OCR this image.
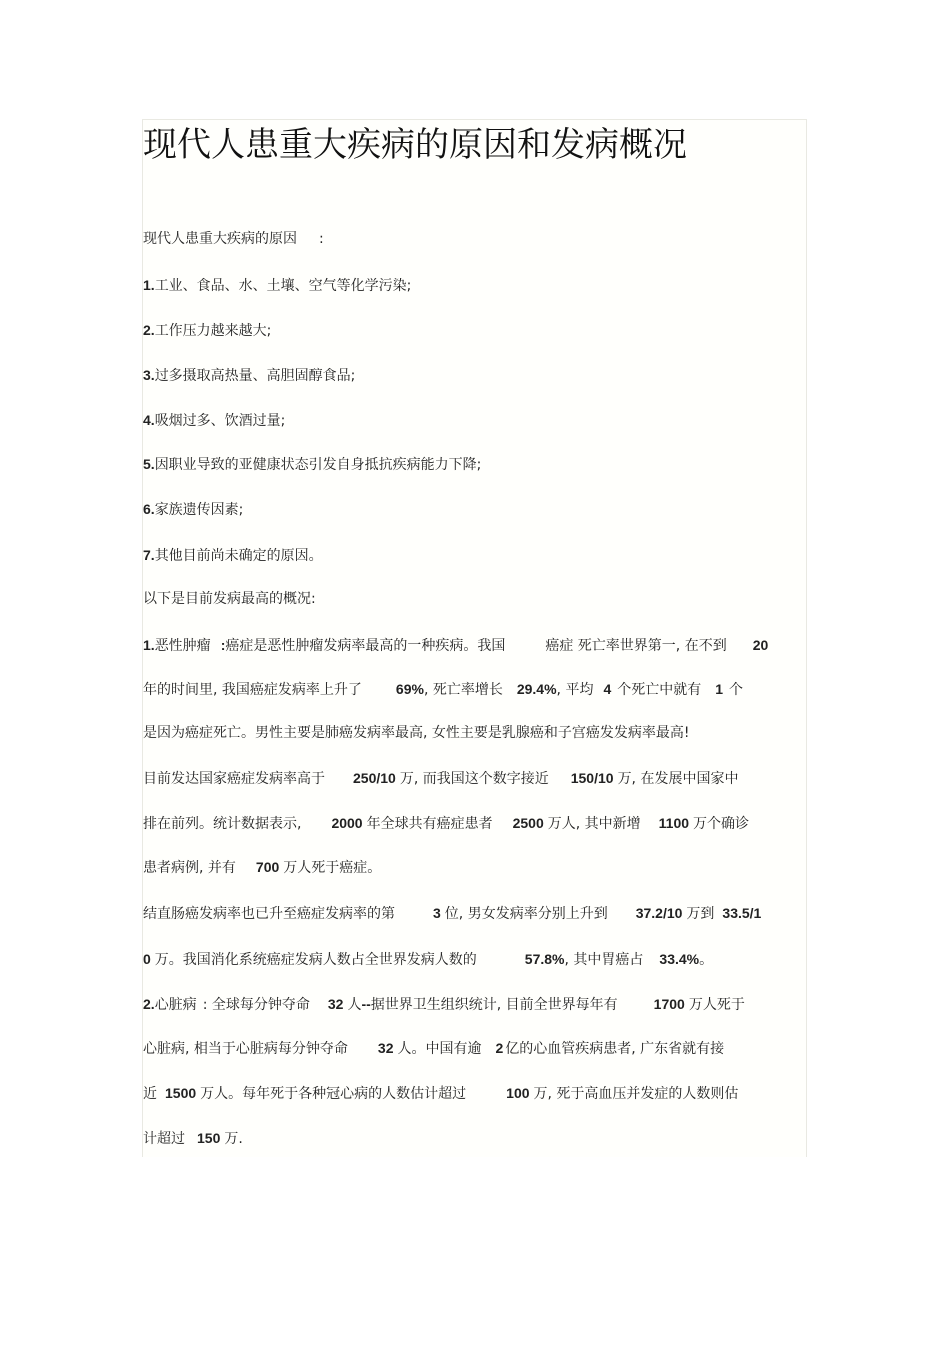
现代人患重大疾病的原因和发病概况
现代人患重大疾病的原因 :
1.工业、食品、水、土壤、空气等化学污染;
2.工作压力越来越大;
3.过多摄取高热量、高胆固醇食品;
4.吸烟过多、饮酒过量;
5.因职业导致的亚健康状态引发自身抵抗疾病能力下降;
6.家族遗传因素;
7.其他目前尚未确定的原因。
以下是目前发病最高的概况:
1.恶性肿瘤 :癌症是恶性肿瘤发病率最高的一种疾病。我国	癌症 死亡率世界第一, 在不到 20
年的时间里, 我国癌症发病率上升了 69%, 死亡率增长 29.4%, 平均 4 个死亡中就有 1 个
是因为癌症死亡。男性主要是肺癌发病率最高, 女性主要是乳腺癌和子宫癌发发病率最高!
目前发达国家癌症发病率高于 250/10 万, 而我国这个数字接近 150/10 万, 在发展中国家中
排在前列。统计数据表示, 2000 年全球共有癌症患者 2500 万人, 其中新增 1100 万个确诊
患者病例, 并有 700 万人死于癌症。
结直肠癌发病率也已升至癌症发病率的第	3 位, 男女发病率分别上升到 37.2/10 万到 33.5/1
0 万。我国消化系统癌症发病人数占全世界发病人数的	57.8%, 其中胃癌占 33.4%。
2.心脏病 : 全球每分钟夺命 32 人--据世界卫生组织统计, 目前全世界每年有	1700 万人死于
心脏病, 相当于心脏病每分钟夺命 32 人。中国有逾 2 亿的心血管疾病患者, 广东省就有接
近 1500 万人。每年死于各种冠心病的人数估计超过	100 万, 死于高血压并发症的人数则估
计超过 150 万.
